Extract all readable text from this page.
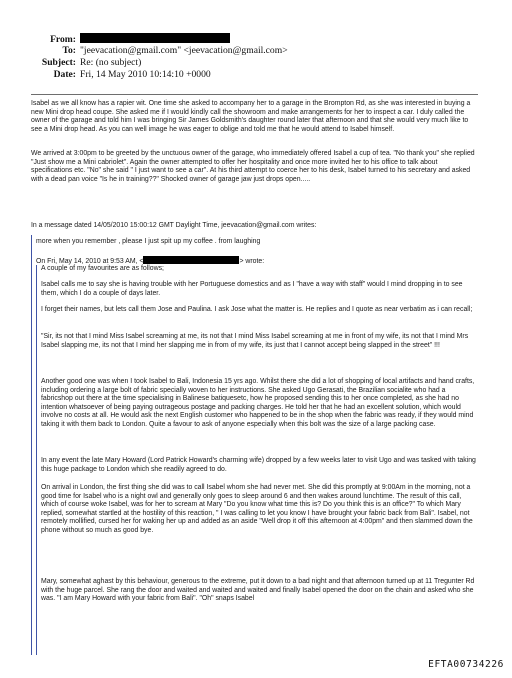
From:
To: "jeevacation@gmail.com" <jeevacation@gmail.com>
Subject: Re: (no subject)
Date: Fri, 14 May 2010 10:14:10 +0000

Isabel as we all know has a rapier wit. One time she asked to accompany her to a garage in the Brompton Rd, as she was interested in buying a new Mini drop head coupe. She asked me if I would kindly call the showroom and make arrangements for her to inspect a car. I duly called the owner of the garage and told him I was bringing Sir James Goldsmith's daughter round later that afternoon and that she would very much like to see a Mini drop head. As you can well image he was eager to oblige and told me that he would attend to Isabel himself.

We arrived at 3:00pm to be greeted by the unctuous owner of the garage, who immediately offered Isabel a cup of tea. "No thank you" she replied "Just show me a Mini cabriolet". Again the owner attempted to offer her hospitality and once more invited her to his office to talk about specifications etc. "No" she said " I just want to see a car". At his third attempt to coerce her to his desk, Isabel turned to his secretary and asked with a dead pan voice "Is he in training??" Shocked owner of garage jaw just drops open.....

In a message dated 14/05/2010 15:00:12 GMT Daylight Time, jeevacation@gmail.com writes:

more when you remember , please I just spit up my coffee . from laughing

On Fri, May 14, 2010 at 9:53 AM, <	> wrote:

A couple of my favourites are as follows;

Isabel calls me to say she is having trouble with her Portuguese domestics and as I "have a way with staff" would I mind dropping in to see them, which I do a couple of days later.

I forget their names, but lets call them Jose and Paulina. I ask Jose what the matter is. He replies and I quote as near verbatim as i can recall;

"Sir, its not that I mind Miss Isabel screaming at me, its not that I mind Miss Isabel screaming at me in front of my wife, its not that I mind Mrs Isabel slapping me, its not that I mind her slapping me in from of my wife, its just that I cannot accept being slapped in the street" !!!

Another good one was when I took Isabel to Bali, Indonesia 15 yrs ago. Whilst there she did a lot of shopping of local artifacts and hand crafts, including ordering a large bolt of fabric specially woven to her instructions. She asked Ugo Gerasati, the Brazilian socialite who had a fabricshop out there at the time specialising in Balinese batiquesetc, how he proposed sending this to her once completed, as she had no intention whatsoever of being paying outrageous postage and packing charges. He told her that he had an excellent solution, which would involve no costs at all. He would ask the next English customer who happened to be in the shop when the fabric was ready, if they would mind taking it with them back to London. Quite a favour to ask of anyone especially when this bolt was the size of a large packing case.

In any event the late Mary Howard (Lord Patrick Howard's charming wife) dropped by a few weeks later to visit Ugo and was tasked with taking this huge package to London which she readily agreed to do.

On arrival in London, the first thing she did was to call Isabel whom she had never met. She did this promptly at 9:00Am in the morning, not a good time for Isabel who is a night owl and generally only goes to sleep around 6 and then wakes around lunchtime. The result of this call, which of course woke Isabel, was for her to scream at Mary "Do you know what time this is? Do you think this is an office?" To which Mary replied, somewhat startled at the hostility of this reaction, " I was calling to let you know I have brought your fabric back from Bali". Isabel, not remotely mollified, cursed her for waking her up and added as an aside "Well drop it off this afternoon at 4:00pm" and then slammed down the phone without so much as good bye.

Mary, somewhat aghast by this behaviour, generous to the extreme, put it down to a bad night and that afternoon turned up at 11 Tregunter Rd with the huge parcel. She rang the door and waited and waited and waited and finally Isabel opened the door on the chain and asked who she was. "I am Mary Howard with your fabric from Bali". "Oh" snaps Isabel

EFTA00734226
